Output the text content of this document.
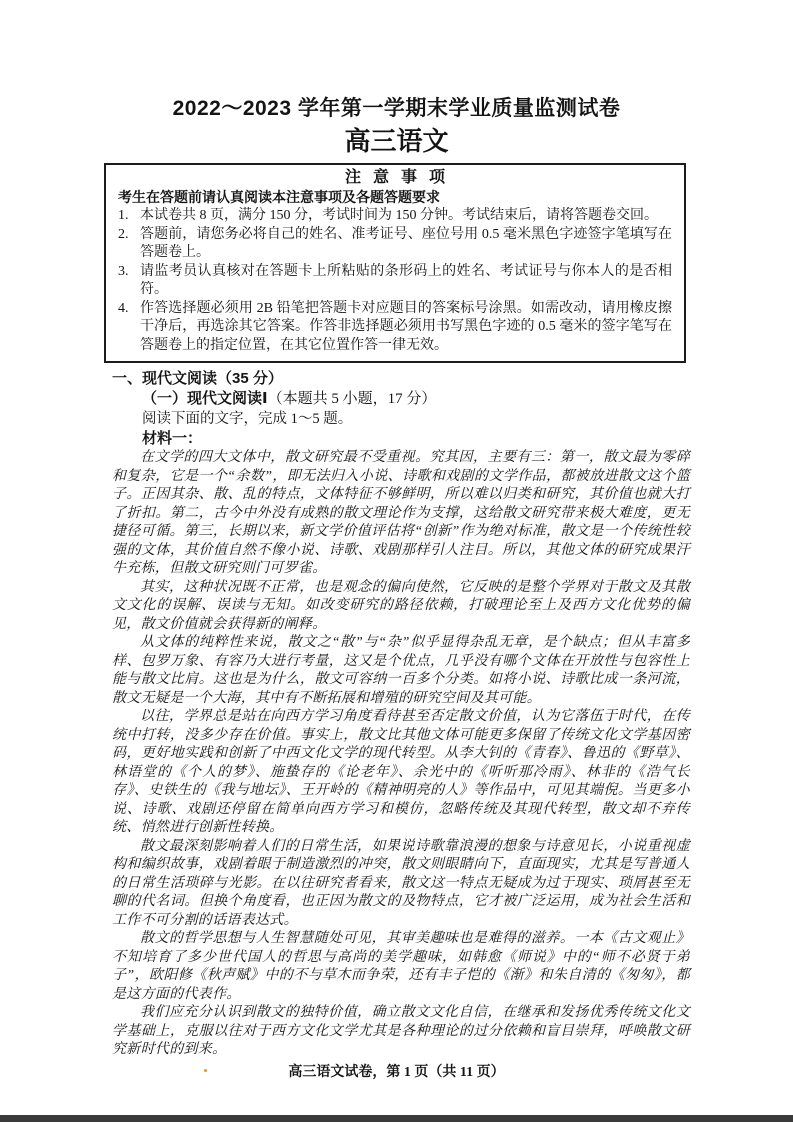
2022～2023 学年第一学期末学业质量监测试卷
高三语文
注意事项
考生在答题前请认真阅读本注意事项及各题答题要求
1. 本试卷共 8 页，满分 150 分，考试时间为 150 分钟。考试结束后，请将答题卷交回。
2. 答题前，请您务必将自己的姓名、准考证号、座位号用 0.5 毫米黑色字迹签字笔填写在答题卷上。
3. 请监考员认真核对在答题卡上所粘贴的条形码上的姓名、考试证号与你本人的是否相符。
4. 作答选择题必须用 2B 铅笔把答题卡对应题目的答案标号涂黑。如需改动，请用橡皮擦干净后，再选涂其它答案。作答非选择题必须用书写黑色字迹的 0.5 毫米的签字笔写在答题卷上的指定位置，在其它位置作答一律无效。
一、现代文阅读（35 分）
（一）现代文阅读Ⅰ（本题共 5 小题，17 分）
阅读下面的文字，完成 1～5 题。
材料一：

在文学的四大文体中，散文研究最不受重视。究其因，主要有三：第一，散文最为零碎和复杂，它是一个“余数”，即无法归入小说、诗歌和戏剧的文学作品，都被放进散文这个篮子。正因其杂、散、乱的特点，文体特征不够鲜明，所以难以归类和研究，其价值也就大打了折扣。第二，古今中外没有成熟的散文理论作为支撑，这给散文研究带来极大难度，更无捷径可循。第三，长期以来，新文学价值评估将“创新”作为绝对标准，散文是一个传统性较强的文体，其价值自然不像小说、诗歌、戏剧那样引人注目。所以，其他文体的研究成果汗牛充栋，但散文研究则门可罗雀。

其实，这种状况既不正常，也是观念的偏向使然，它反映的是整个学界对于散文及其散文文化的误解、误读与无知。如改变研究的路径依赖，打破理论至上及西方文化优势的偏见，散文价值就会获得新的阐释。

从文体的纯粹性来说，散文之“散”与“杂”似乎显得杂乱无章，是个缺点；但从丰富多样、包罗万象、有容乃大进行考量，这又是个优点，几乎没有哪个文体在开放性与包容性上能与散文比肩。这也是为什么，散文可容纳一百多个分类。如将小说、诗歌比成一条河流，散文无疑是一个大海，其中有不断拓展和增殖的研究空间及其可能。

以往，学界总是站在向西方学习角度看待甚至否定散文价值，认为它落伍于时代，在传统中打转，没多少存在价值。事实上，散文比其他文体可能更多保留了传统文化文学基因密码，更好地实践和创新了中西文化文学的现代转型。从李大钊的《青春》、鲁迅的《野草》、林语堂的《个人的梦》、施蛰存的《论老年》、余光中的《听听那冷雨》、林非的《浩气长存》、史铁生的《我与地坛》、王开岭的《精神明亮的人》等作品中，可见其端倪。当更多小说、诗歌、戏剧还停留在简单向西方学习和模仿，忽略传统及其现代转型，散文却不弃传统、悄然进行创新性转换。

散文最深刻影响着人们的日常生活，如果说诗歌靠浪漫的想象与诗意见长，小说重视虚构和编织故事，戏剧着眼于制造激烈的冲突，散文则眼睛向下，直面现实，尤其是写普通人的日常生活琐碎与光影。在以往研究者看来，散文这一特点无疑成为过于现实、琐屑甚至无聊的代名词。但换个角度看，也正因为散文的及物特点，它才被广泛运用，成为社会生活和工作不可分割的话语表达式。

散文的哲学思想与人生智慧随处可见，其审美趣味也是难得的滋养。一本《古文观止》不知培育了多少世代国人的哲思与高尚的美学趣味，如韩愈《师说》中的“师不必贤于弟子”，欧阳修《秋声赋》中的不与草木而争荣，还有丰子恺的《渐》和朱自清的《匆匆》，都是这方面的代表作。

我们应充分认识到散文的独特价值，确立散文文化自信，在继承和发扬优秀传统文化文学基础上，克服以往对于西方文化文学尤其是各种理论的过分依赖和盲目崇拜，呼唤散文研究新时代的到来。

高三语文试卷，第 1 页（共 11 页）
